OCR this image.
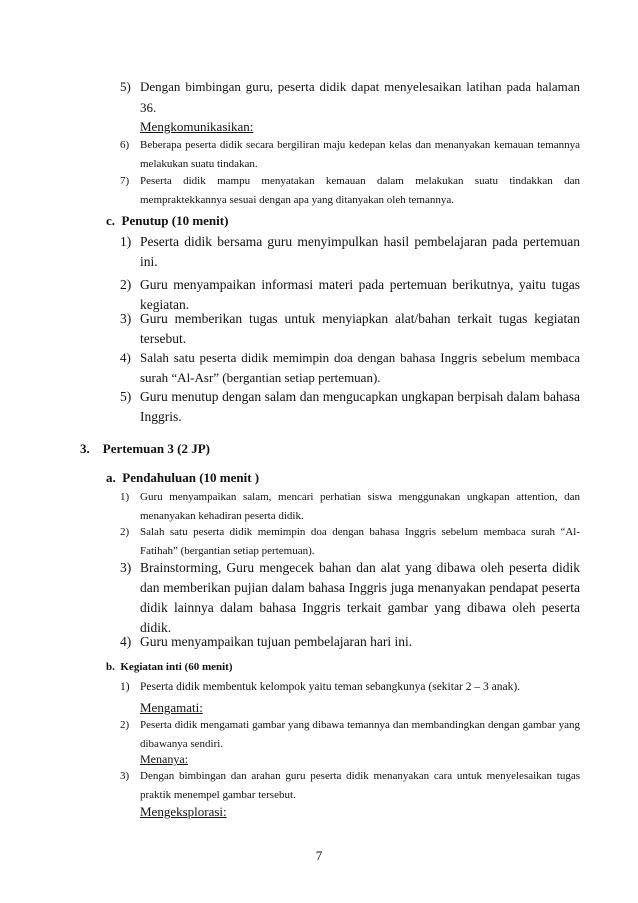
5) Dengan bimbingan guru, peserta didik dapat menyelesaikan latihan pada halaman 36.
Mengkomunikasikan:
6) Beberapa peserta didik secara bergiliran maju kedepan kelas dan menanyakan kemauan temannya melakukan suatu tindakan.
7) Peserta didik mampu menyatakan kemauan dalam melakukan suatu tindakkan dan mempraktekkannya sesuai dengan apa yang ditanyakan oleh temannya.
c. Penutup (10 menit)
1) Peserta didik bersama guru menyimpulkan hasil pembelajaran pada pertemuan ini.
2) Guru menyampaikan informasi materi pada pertemuan berikutnya, yaitu tugas kegiatan.
3) Guru memberikan tugas untuk menyiapkan alat/bahan terkait tugas kegiatan tersebut.
4) Salah satu peserta didik memimpin doa dengan bahasa Inggris sebelum membaca surah “Al-Asr” (bergantian setiap pertemuan).
5) Guru menutup dengan salam dan mengucapkan ungkapan berpisah dalam bahasa Inggris.
3. Pertemuan 3 (2 JP)
a. Pendahuluan (10 menit )
1) Guru menyampaikan salam, mencari perhatian siswa menggunakan ungkapan attention, dan menanyakan kehadiran peserta didik.
2) Salah satu peserta didik memimpin doa dengan bahasa Inggris sebelum membaca surah “Al-Fatihah” (bergantian setiap pertemuan).
3) Brainstorming, Guru mengecek bahan dan alat yang dibawa oleh peserta didik dan memberikan pujian dalam bahasa Inggris juga menanyakan pendapat peserta didik lainnya dalam bahasa Inggris terkait gambar yang dibawa oleh peserta didik.
4) Guru menyampaikan tujuan pembelajaran hari ini.
b. Kegiatan inti (60 menit)
1) Peserta didik membentuk kelompok yaitu teman sebangkunya (sekitar 2 – 3 anak).
Mengamati:
2) Peserta didik mengamati gambar yang dibawa temannya dan membandingkan dengan gambar yang dibawanya sendiri.
Menanya:
3) Dengan bimbingan dan arahan guru peserta didik menanyakan cara untuk menyelesaikan tugas praktik menempel gambar tersebut.
Mengeksplorasi:
7
